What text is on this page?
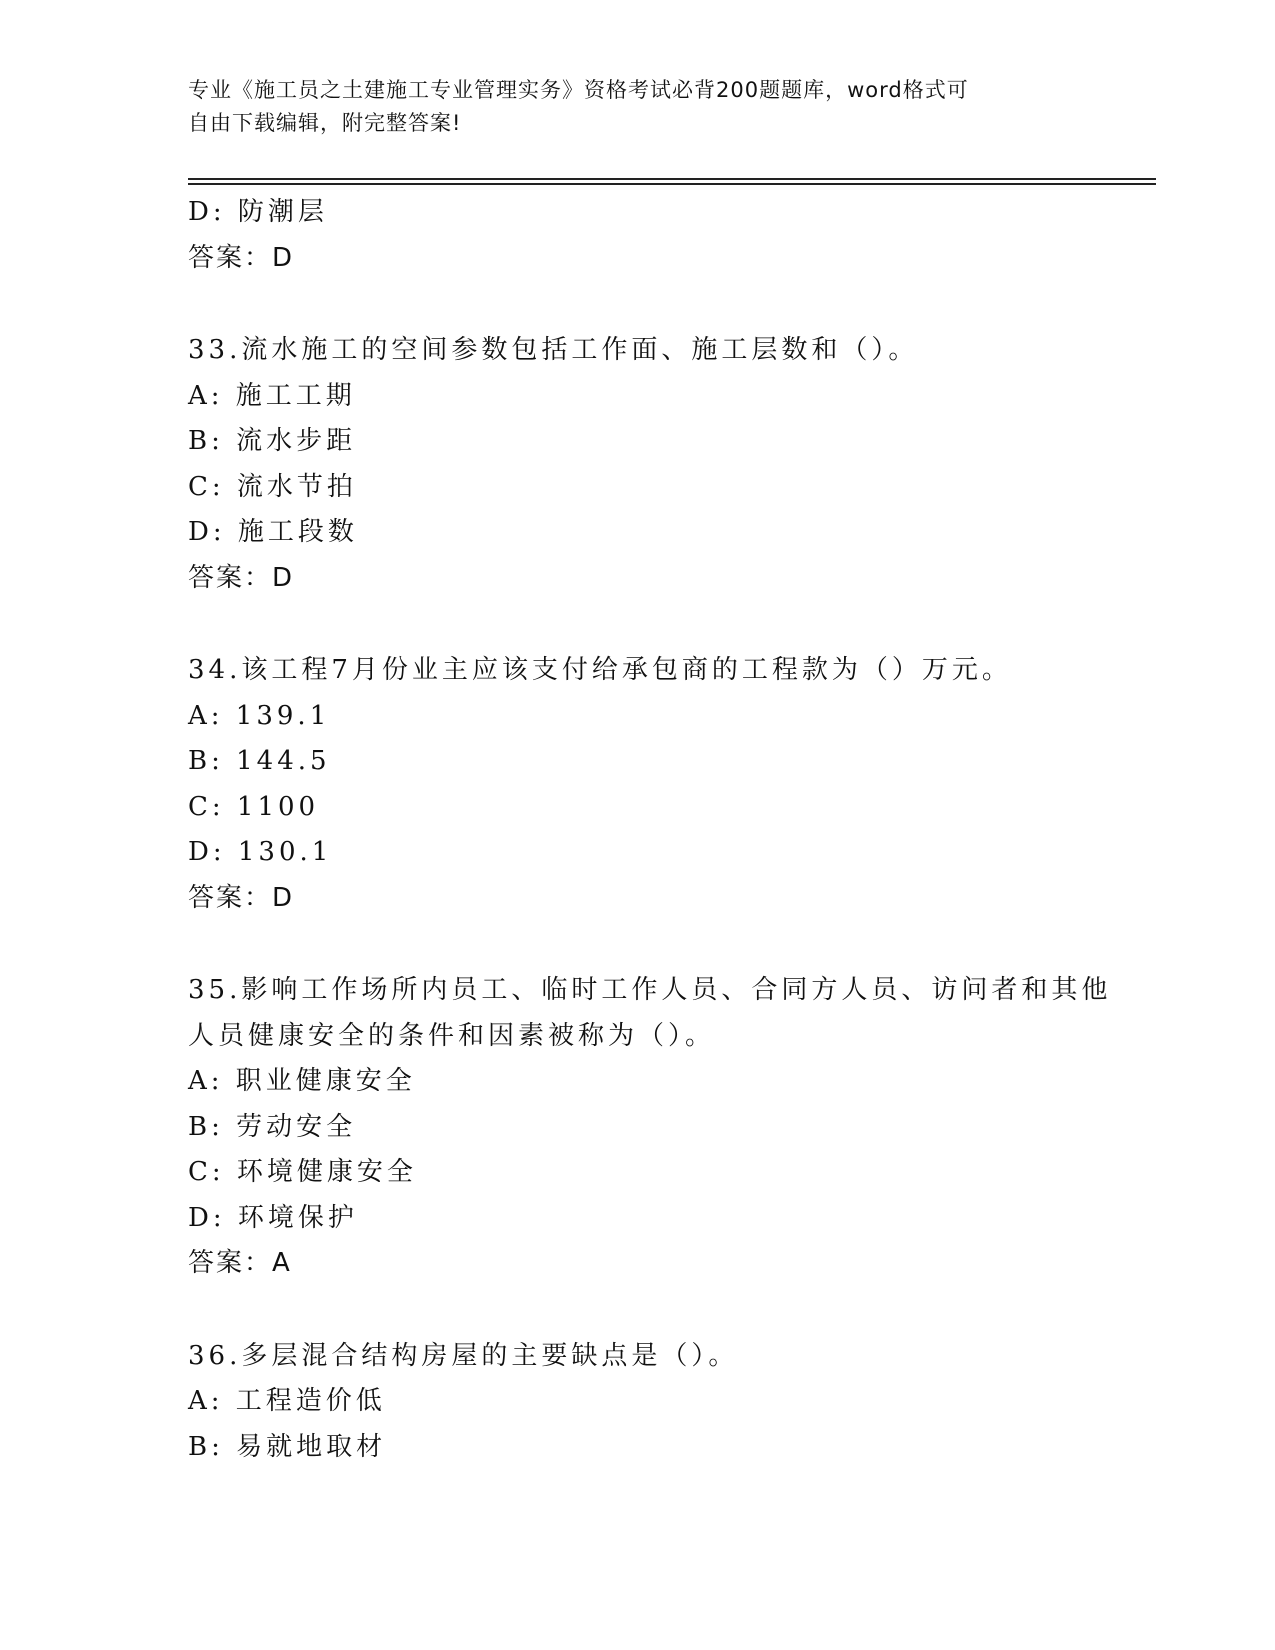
专业《施工员之土建施工专业管理实务》资格考试必背200题题库，word格式可
自由下载编辑，附完整答案!
D: 防潮层
答案：D
33.流水施工的空间参数包括工作面、施工层数和（）。
A: 施工工期
B: 流水步距
C: 流水节拍
D: 施工段数
答案：D
34.该工程7月份业主应该支付给承包商的工程款为（）万元。
A: 139.1
B: 144.5
C: 1100
D: 130.1
答案：D
35.影响工作场所内员工、临时工作人员、合同方人员、访问者和其他
人员健康安全的条件和因素被称为（）。
A: 职业健康安全
B: 劳动安全
C: 环境健康安全
D: 环境保护
答案：A
36.多层混合结构房屋的主要缺点是（）。
A: 工程造价低
B: 易就地取材
